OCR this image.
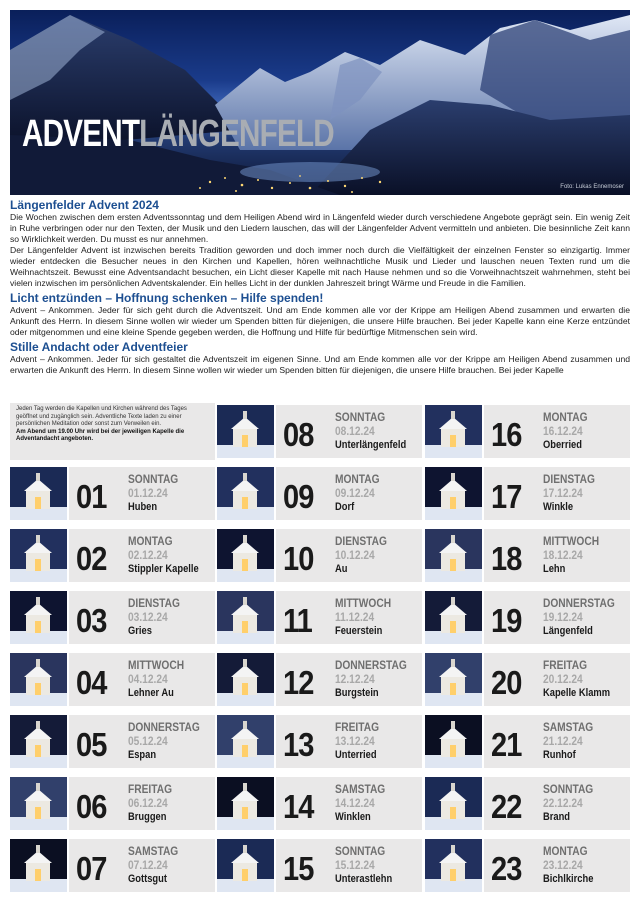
ADVENTLÄNGENFELD
Foto: Lukas Ennemoser
Längenfelder Advent 2024

Die Wochen zwischen dem ersten Adventssonntag und dem Heiligen Abend wird in Längenfeld wieder durch verschiedene Angebote geprägt sein. Ein wenig Zeit in Ruhe verbringen oder nur den Texten, der Musik und den Liedern lauschen, das will der Längenfelder Advent vermitteln und anbieten. Die besinnliche Zeit kann so Wirklichkeit werden. Du musst es nur annehmen.

Der Längenfelder Advent ist inzwischen bereits Tradition geworden und doch immer noch durch die Vielfältigkeit der einzelnen Fenster so einzigartig. Immer wieder entdecken die Besucher neues in den Kirchen und Kapellen, hören weihnachtliche Musik und Lieder und lauschen neuen Texten rund um die Weihnachtszeit. Bewusst eine Adventsandacht besuchen, ein Licht dieser Kapelle mit nach Hause nehmen und so die Vorweihnachtszeit wahrnehmen, steht bei vielen inzwischen im persönlichen Adventskalender. Ein helles Licht in der dunklen Jahreszeit bringt Wärme und Freude in die Familien.

Licht entzünden – Hoffnung schenken – Hilfe spenden!

Advent – Ankommen. Jeder für sich geht durch die Adventszeit. Und am Ende kommen alle vor der Krippe am Heiligen Abend zusammen und erwarten die Ankunft des Herrn. In diesem Sinne wollen wir wieder um Spenden bitten für diejenigen, die unsere Hilfe brauchen. Bei jeder Kapelle kann eine Kerze entzündet oder mitgenommen und eine kleine Spende gegeben werden, die Hoffnung und Hilfe für bedürftige Mitmenschen sein wird.

Stille Andacht oder Adventfeier

Advent – Ankommen. Jeder für sich gestaltet die Adventszeit im eigenen Sinne. Und am Ende kommen alle vor der Krippe am Heiligen Abend zusammen und erwarten die Ankunft des Herrn. In diesem Sinne wollen wir wieder um Spenden bitten für diejenigen, die unsere Hilfe brauchen. Bei jeder Kapelle

Jeden Tag werden die Kapellen und Kirchen während des Tages geöffnet und zugänglich sein. Adventliche Texte laden zu einer persönlichen Meditation oder sonst zum Verweilen ein.
Am Abend um 19.00 Uhr wird bei der jeweiligen Kapelle die Adventandacht angeboten.
01 SONNTAG
01.12.24
Huben
02 MONTAG
02.12.24
Stippler Kapelle
03 DIENSTAG
03.12.24
Gries
04 MITTWOCH
04.12.24
Lehner Au
05 DONNERSTAG
05.12.24
Espan
06 FREITAG
06.12.24
Bruggen
07 SAMSTAG
07.12.24
Gottsgut
08 SONNTAG
08.12.24
Unterlängenfeld
09 MONTAG
09.12.24
Dorf
10 DIENSTAG
10.12.24
Au
11 MITTWOCH
11.12.24
Feuerstein
12 DONNERSTAG
12.12.24
Burgstein
13 FREITAG
13.12.24
Unterried
14 SAMSTAG
14.12.24
Winklen
15 SONNTAG
15.12.24
Unterastlehn
16 MONTAG
16.12.24
Oberried
17 DIENSTAG
17.12.24
Winkle
18 MITTWOCH
18.12.24
Lehn
19 DONNERSTAG
19.12.24
Längenfeld
20 FREITAG
20.12.24
Kapelle Klamm
21 SAMSTAG
21.12.24
Runhof
22 SONNTAG
22.12.24
Brand
23 MONTAG
23.12.24
Bichlkirche
